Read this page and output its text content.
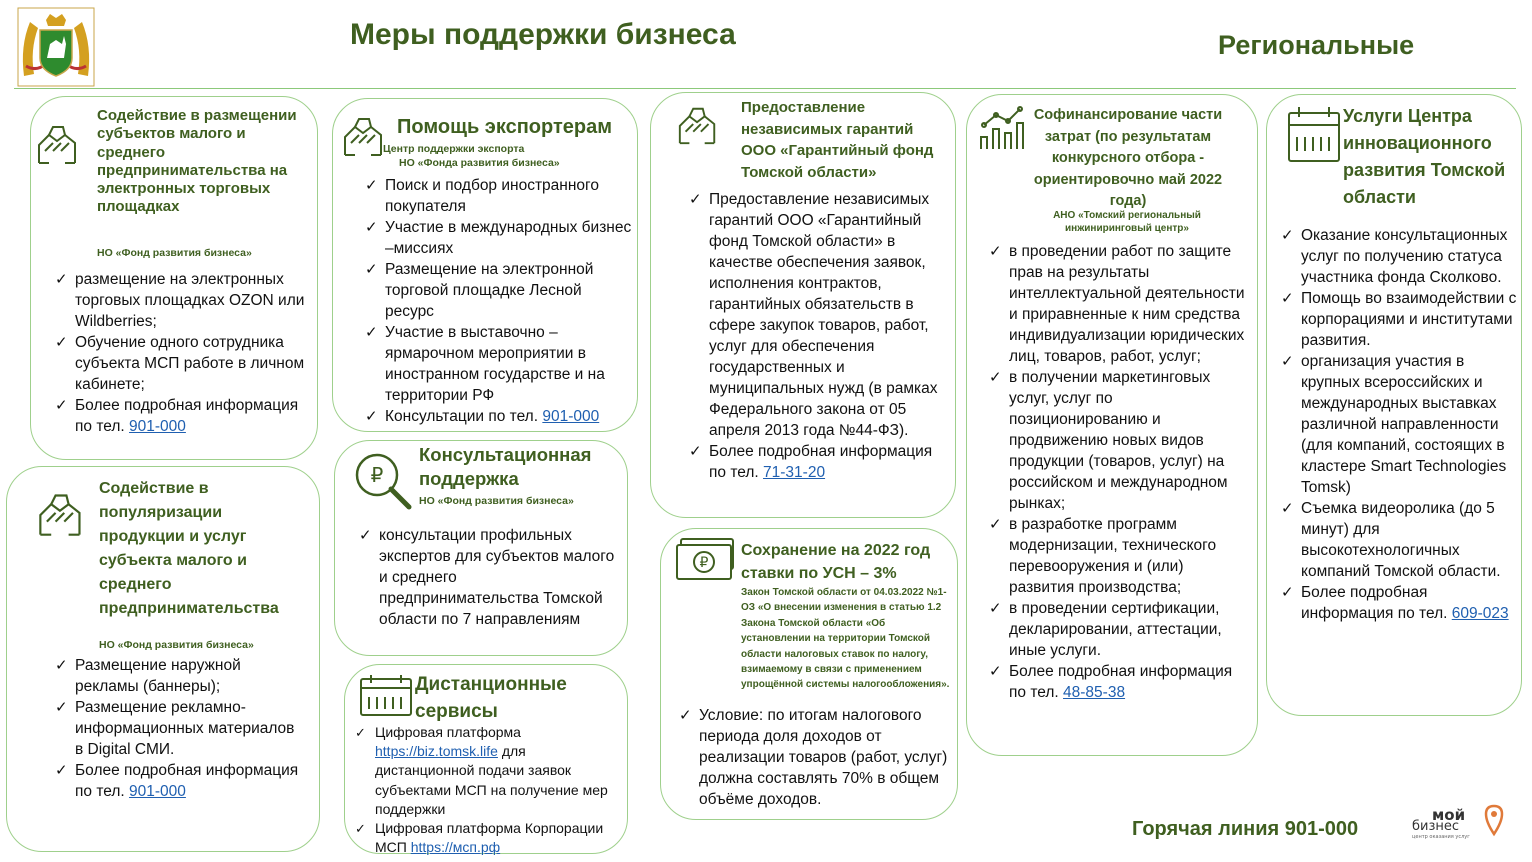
Меры поддержки бизнеса	Региональные
Содействие в размещении субъектов малого и среднего предпринимательства на электронных торговых площадках
НО «Фонд развития бизнеса»
✓ размещение на электронных торговых площадках OZON или Wildberries;
✓ Обучение одного сотрудника субъекта МСП работе в личном кабинете;
✓ Более подробная информация по тел. 901-000
Содействие в популяризации продукции и услуг субъекта малого и среднего предпринимательства
НО «Фонд развития бизнеса»
✓ Размещение наружной рекламы (баннеры);
✓ Размещение рекламно-информационных материалов в Digital СМИ.
✓ Более подробная информация по тел. 901-000
Помощь экспортерам
Центр поддержки экспорта
НО «Фонда развития бизнеса»
✓ Поиск и подбор иностранного покупателя
✓ Участие в международных бизнес –миссиях
✓ Размещение на электронной торговой площадке Лесной ресурс
✓ Участие в выставочно – ярмарочном мероприятии в иностранном государстве и на территории РФ
✓ Консультации по тел. 901-000
₽
Консультационная поддержка
НО «Фонд развития бизнеса»
✓ консультации профильных экспертов для субъектов малого и среднего предпринимательства Томской области по 7 направлениям
Дистанционные сервисы
✓ Цифровая платформа https://biz.tomsk.life для дистанционной подачи заявок субъектами МСП на получение мер поддержки
✓ Цифровая платформа Корпорации МСП https://мсп.рф
Предоставление независимых гарантий ООО «Гарантийный фонд Томской области»
✓ Предоставление независимых гарантий ООО «Гарантийный фонд Томской области» в качестве обеспечения заявок, исполнения контрактов, гарантийных обязательств в сфере закупок товаров, работ, услуг для обеспечения государственных и муниципальных нужд (в рамках Федерального закона от 05 апреля 2013 года №44-ФЗ).
✓ Более подробная информация по тел. 71-31-20
₽
Сохранение на 2022 год ставки по УСН – 3%
Закон Томской области от 04.03.2022 №1-ОЗ «О внесении изменения в статью 1.2 Закона Томской области «Об установлении на территории Томской области налоговых ставок по налогу, взимаемому в связи с применением упрощённой системы налогообложения».
✓ Условие: по итогам налогового периода доля доходов от реализации товаров (работ, услуг) должна составлять 70% в общем объёме доходов.
Софинансирование части затрат (по результатам конкурсного отбора - ориентировочно май 2022 года)
АНО «Томский региональный инжиниринговый центр»
✓ в проведении работ по защите прав на результаты интеллектуальной деятельности и приравненные к ним средства индивидуализации юридических лиц, товаров, работ, услуг;
✓ в получении маркетинговых услуг, услуг по позиционированию и продвижению новых видов продукции (товаров, услуг) на российском и международном рынках;
✓ в разработке программ модернизации, технического перевооружения и (или) развития производства;
✓ в проведении сертификации, декларировании, аттестации, иные услуги.
✓ Более подробная информация по тел. 48-85-38
Услуги Центра инновационного развития Томской области
✓ Оказание консультационных услуг по получению статуса участника фонда Сколково.
✓ Помощь во взаимодействии с корпорациями и институтами развития.
✓ организация участия в крупных всероссийских и международных выставках различной направленности (для компаний, состоящих в кластере Smart Technologies Tomsk)
✓ Съемка видеоролика (до 5 минут) для высокотехнологичных компаний Томской области.
✓ Более подробная информация по тел. 609-023
Горячая линия 901-000
мой
бизнес
центр оказания услуг
